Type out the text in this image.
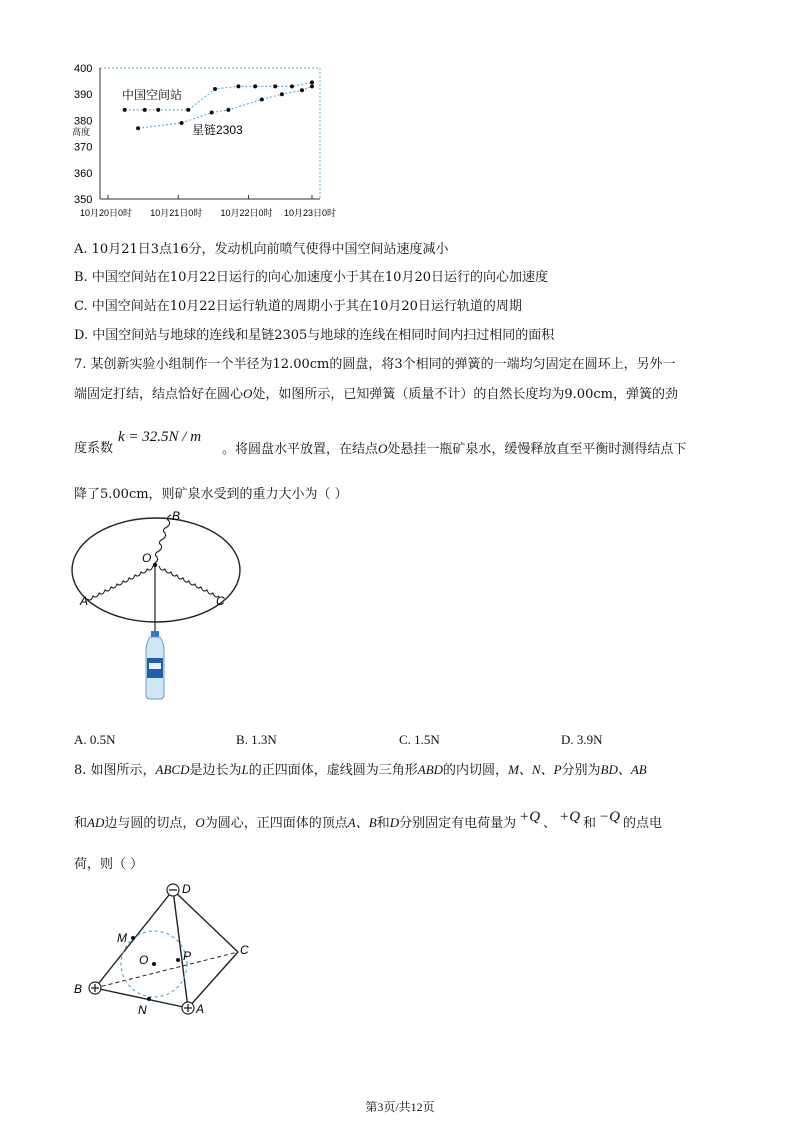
400
390
380
370
360
350
10月20日0时 10月21日0时 10月22日0时 10月23日0时
高度
中国空间站
星链2303
A. 10月21日3点16分，发动机向前喷气使得中国空间站速度减小
B. 中国空间站在10月22日运行的向心加速度小于其在10月20日运行的向心加速度
C. 中国空间站在10月22日运行轨道的周期小于其在10月20日运行轨道的周期
D. 中国空间站与地球的连线和星链2305与地球的连线在相同时间内扫过相同的面积
7. 某创新实验小组制作一个半径为12.00cm的圆盘，将3个相同的弹簧的一端均匀固定在圆环上，另外一
端固定打结，结点恰好在圆心O处，如图所示，已知弹簧（质量不计）的自然长度均为9.00cm，弹簧的劲
度系数
k = 32.5N / m
。将圆盘水平放置，在结点O处悬挂一瓶矿泉水，缓慢释放直至平衡时测得结点下
降了5.00cm，则矿泉水受到的重力大小为（ ）
B
O
A	C
A. 0.5N	B. 1.3N	C. 1.5N	D. 3.9N
8. 如图所示，ABCD是边长为L的正四面体，虚线圆为三角形ABD的内切圆，M、N、P分别为BD、AB
和AD边与圆的切点，O为圆心，正四面体的顶点A、B和D分别固定有电荷量为 +Q 、 +Q 和 −Q 的点电
荷，则（ ）
D
M
O	P	C
B
N	A
第3页/共12页
